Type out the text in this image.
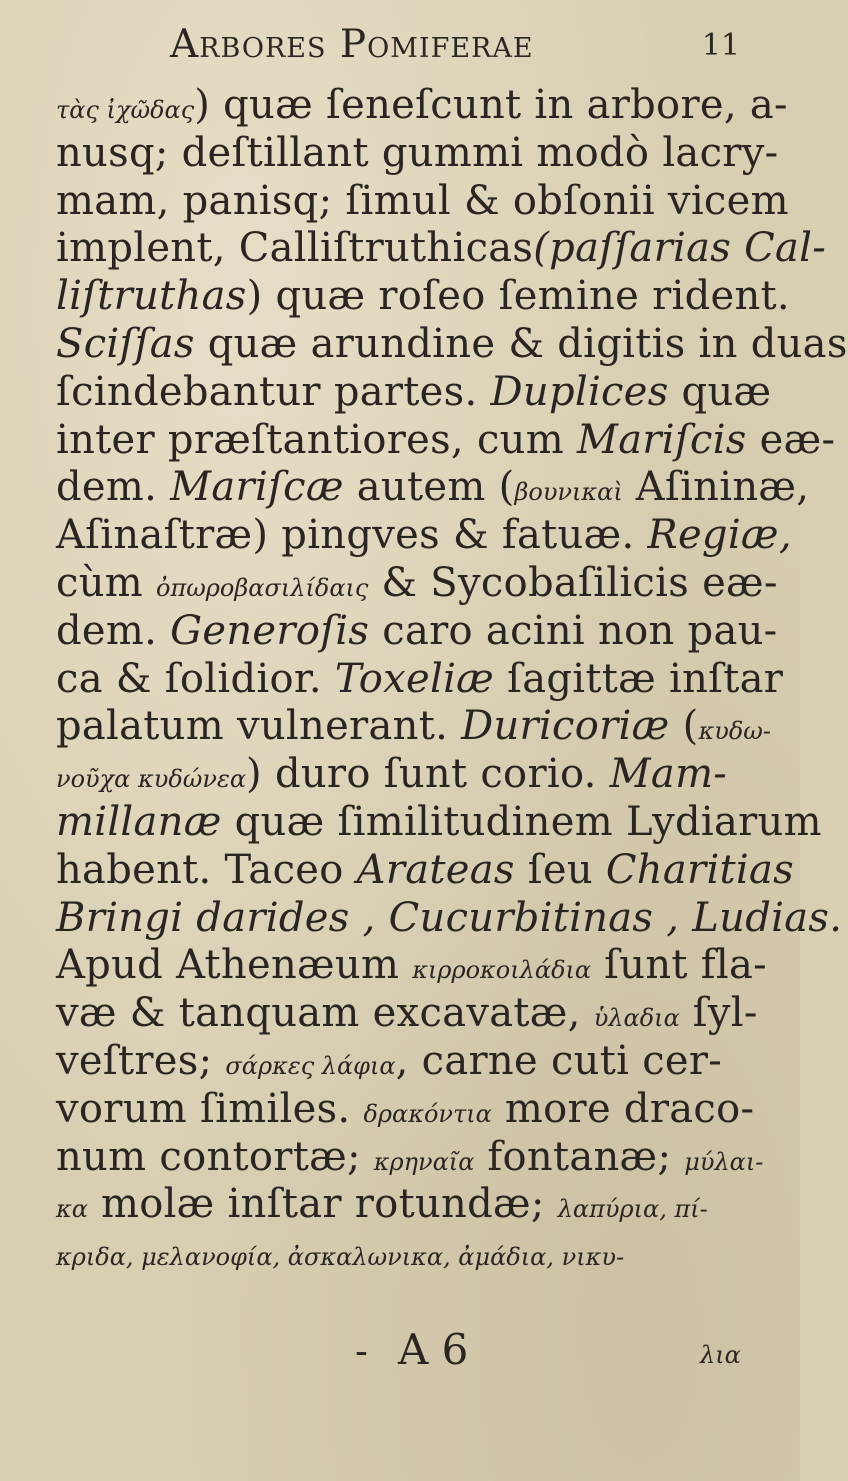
Arbores Pomiferae	11
τὰς ἰχῶδας) quæ ſeneſcunt in arbore, a-
nusq; deſtillant gummi modò lacry-
mam, panisq; ſimul & obſonii vicem
implent, Calliſtruthicas(paſſarias Cal-
liſtruthas) quæ roſeo ſemine rident.
Sciſſas quæ arundine & digitis in duas
ſcindebantur partes. Duplices quæ
inter præſtantiores, cum Mariſcis eæ-
dem. Mariſcæ autem (βουνικαὶ Aſininæ,
Aſinaſtræ) pingves & fatuæ. Regiæ,
cùm ὀπωροβασιλίδαις & Sycobaſilicis eæ-
dem. Generoſis caro acini non pau-
ca & ſolidior. Toxeliæ ſagittæ inſtar
palatum vulnerant. Duricoriæ (κυδω-
νοῦχα κυδώνεα) duro ſunt corio. Mam-
millanæ quæ ſimilitudinem Lydiarum
habent. Taceo Arateas ſeu Charitias
Bringi darides , Cucurbitinas , Ludias.
Apud Athenæum κιρροκοιλάδια ſunt fla-
væ & tanquam excavatæ, ὑλαδια ſyl-
veſtres; σάρκες λάφια, carne cuti cer-
vorum ſimiles. δρακόντια more draco-
num contortæ; κρηναῖα fontanæ; μύλαι-
κα molæ inſtar rotundæ; λαπύρια, πί-
κριδα, μελανοφία, ἀσκαλωνικα, ἀμάδια, νικυ-
- A 6	λια
